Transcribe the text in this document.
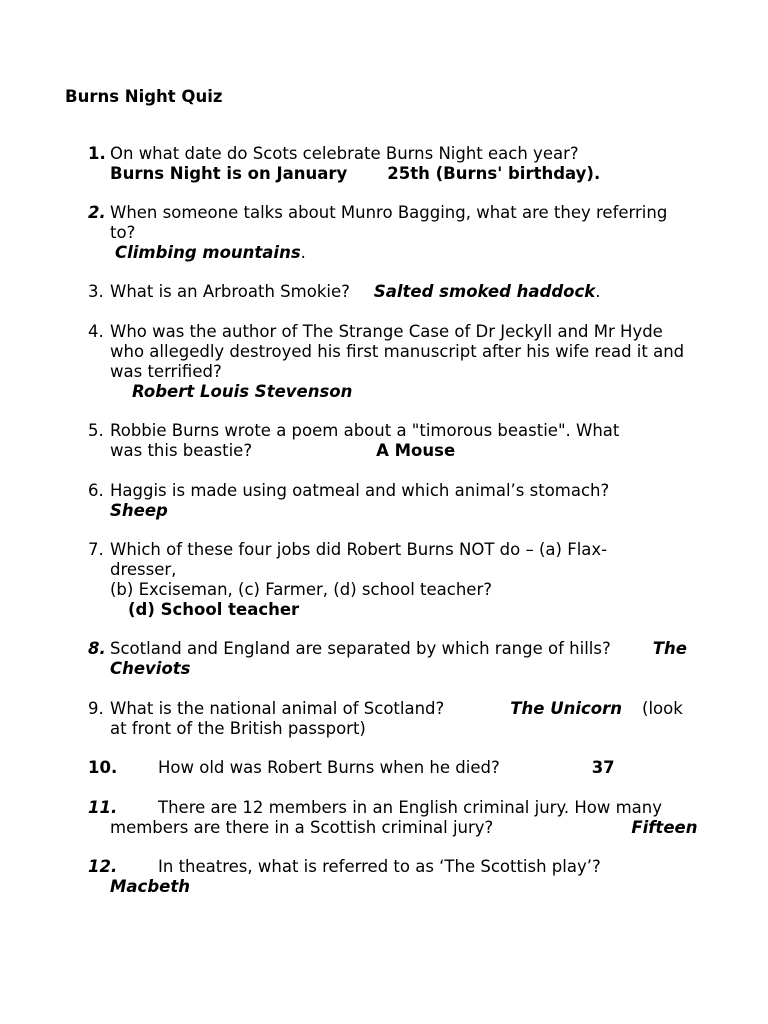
Burns Night Quiz
1. On what date do Scots celebrate Burns Night each year?
Burns Night is on January 25th (Burns' birthday).
2. When someone talks about Munro Bagging, what are they referring
to?
Climbing mountains.
3. What is an Arbroath Smokie? Salted smoked haddock.
4. Who was the author of The Strange Case of Dr Jeckyll and Mr Hyde
who allegedly destroyed his first manuscript after his wife read it and
was terrified?
Robert Louis Stevenson
5. Robbie Burns wrote a poem about a "timorous beastie". What
was this beastie?	A Mouse
6. Haggis is made using oatmeal and which animal’s stomach?
Sheep
7. Which of these four jobs did Robert Burns NOT do – (a) Flax-
dresser,
(b) Exciseman, (c) Farmer, (d) school teacher?
(d) School teacher
8. Scotland and England are separated by which range of hills?	The
Cheviots
9. What is the national animal of Scotland?	The Unicorn (look
at front of the British passport)
10. How old was Robert Burns when he died?	37
11.	There are 12 members in an English criminal jury. How many
members are there in a Scottish criminal jury?	Fifteen
12.	In theatres, what is referred to as ‘The Scottish play’?
Macbeth
